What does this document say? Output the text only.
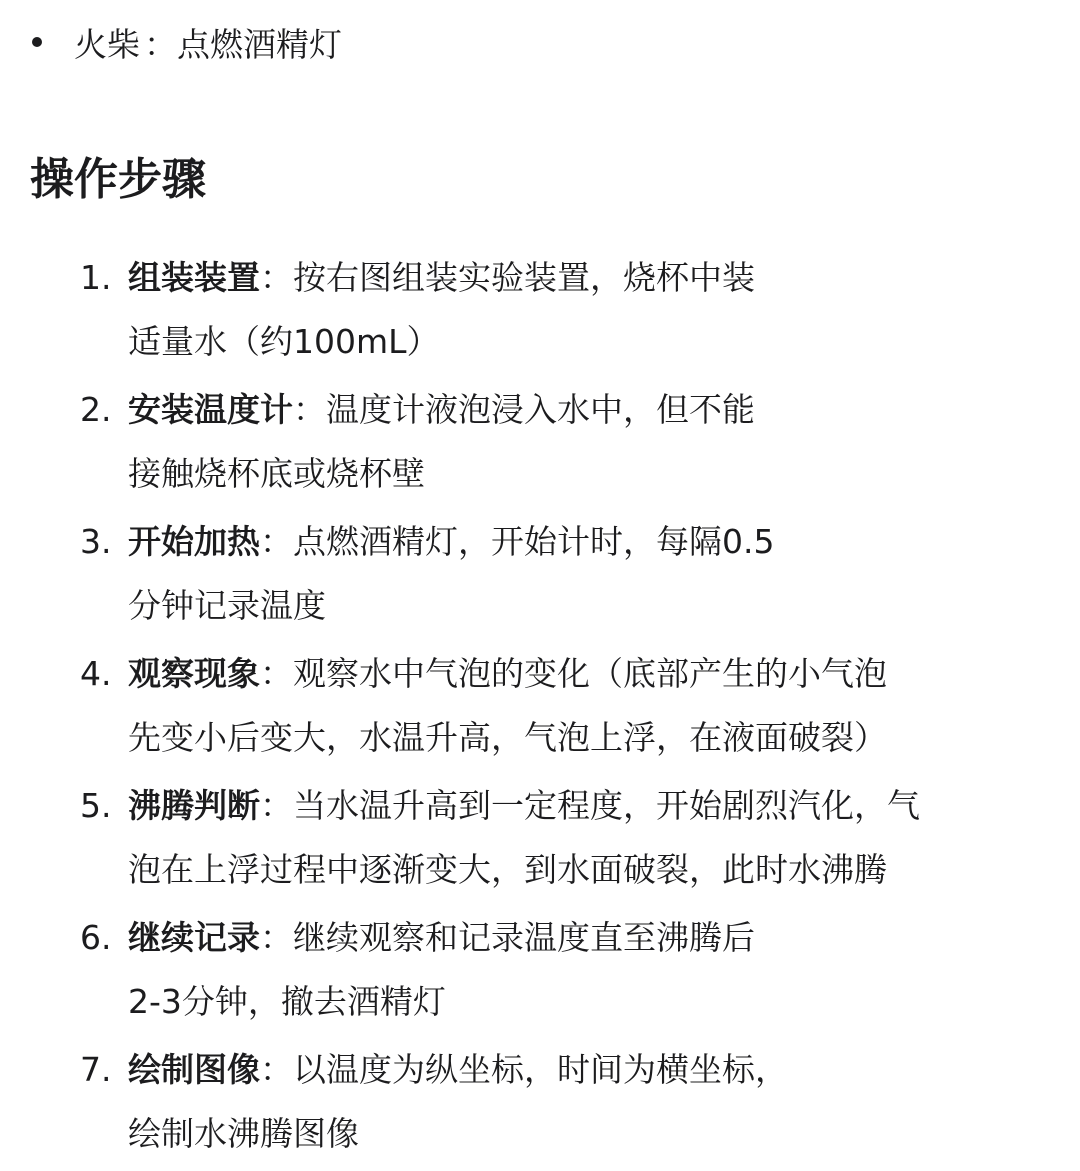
火柴 ： 点燃酒精灯
操作步骤
1. 组装装置：按右图组装实验装置，烧杯中装
适量水（约100mL）
2. 安装温度计：温度计液泡浸入水中，但不能
接触烧杯底或烧杯壁
3. 开始加热：点燃酒精灯，开始计时，每隔0.5
分钟记录温度
4. 观察现象：观察水中气泡的变化（底部产生的小气泡
先变小后变大，水温升高，气泡上浮，在液面破裂）
5. 沸腾判断：当水温升高到一定程度，开始剧烈汽化，气
泡在上浮过程中逐渐变大，到水面破裂，此时水沸腾
6. 继续记录：继续观察和记录温度直至沸腾后
2-3分钟，撤去酒精灯
7. 绘制图像：以温度为纵坐标，时间为横坐标，
绘制水沸腾图像
